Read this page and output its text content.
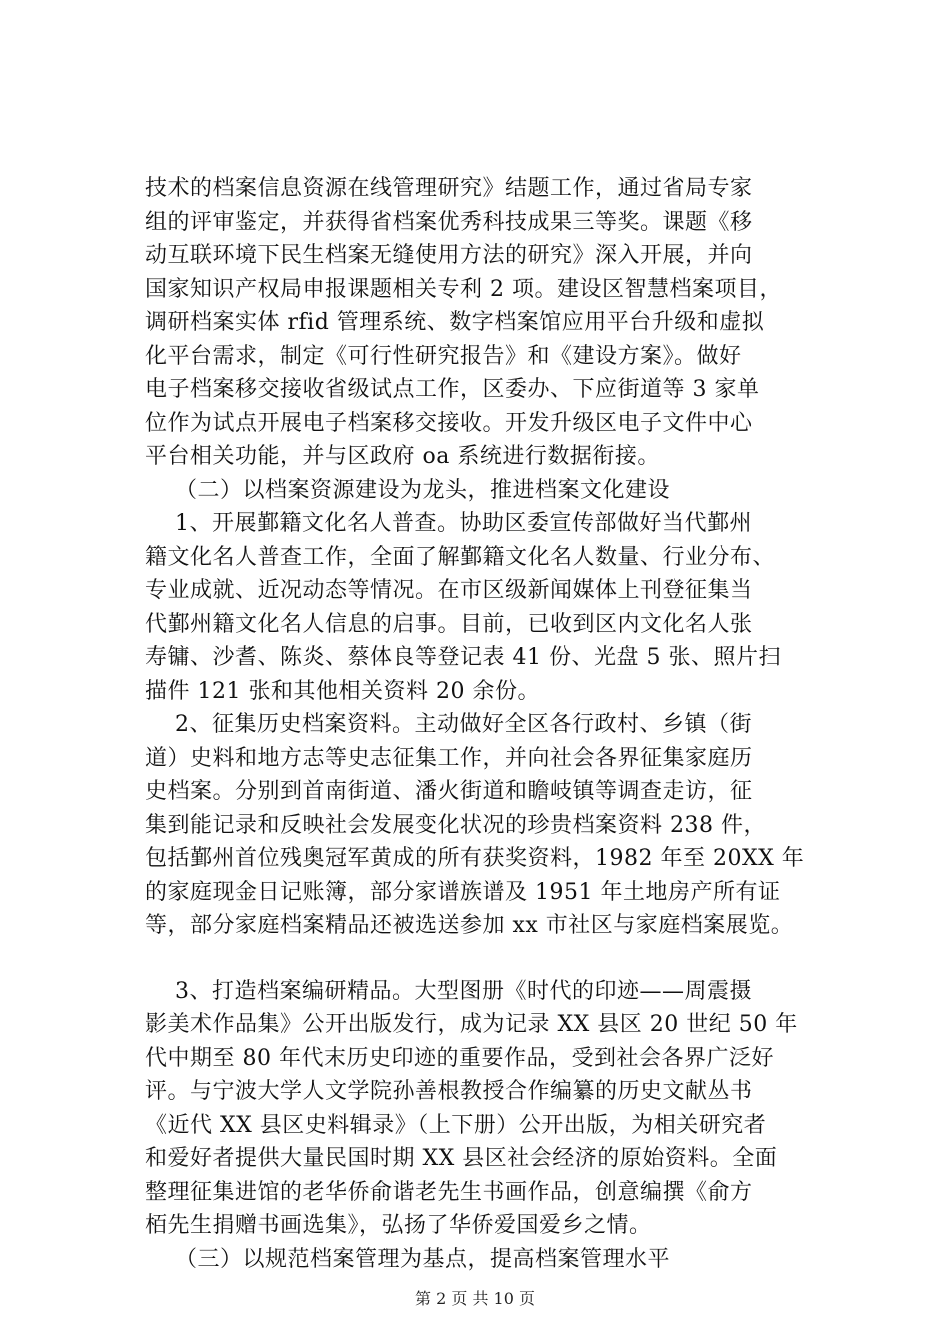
技术的档案信息资源在线管理研究》结题工作，通过省局专家
组的评审鉴定，并获得省档案优秀科技成果三等奖。课题《移
动互联环境下民生档案无缝使用方法的研究》深入开展，并向
国家知识产权局申报课题相关专利 2 项。建设区智慧档案项目，
调研档案实体 rfid 管理系统、数字档案馆应用平台升级和虚拟
化平台需求，制定《可行性研究报告》和《建设方案》。做好
电子档案移交接收省级试点工作，区委办、下应街道等 3 家单
位作为试点开展电子档案移交接收。开发升级区电子文件中心
平台相关功能，并与区政府 oa 系统进行数据衔接。
（二）以档案资源建设为龙头，推进档案文化建设
1、开展鄞籍文化名人普查。协助区委宣传部做好当代鄞州
籍文化名人普查工作，全面了解鄞籍文化名人数量、行业分布、
专业成就、近况动态等情况。在市区级新闻媒体上刊登征集当
代鄞州籍文化名人信息的启事。目前，已收到区内文化名人张
寿镛、沙耆、陈炎、蔡体良等登记表 41 份、光盘 5 张、照片扫
描件 121 张和其他相关资料 20 余份。
2、征集历史档案资料。主动做好全区各行政村、乡镇（街
道）史料和地方志等史志征集工作，并向社会各界征集家庭历
史档案。分别到首南街道、潘火街道和瞻岐镇等调查走访，征
集到能记录和反映社会发展变化状况的珍贵档案资料 238 件，
包括鄞州首位残奥冠军黄成的所有获奖资料，1982 年至 20XX 年
的家庭现金日记账簿，部分家谱族谱及 1951 年土地房产所有证
等，部分家庭档案精品还被选送参加 xx 市社区与家庭档案展览。
3、打造档案编研精品。大型图册《时代的印迹——周震摄
影美术作品集》公开出版发行，成为记录 XX 县区 20 世纪 50 年
代中期至 80 年代末历史印迹的重要作品，受到社会各界广泛好
评。与宁波大学人文学院孙善根教授合作编纂的历史文献丛书
《近代 XX 县区史料辑录》（上下册）公开出版，为相关研究者
和爱好者提供大量民国时期 XX 县区社会经济的原始资料。全面
整理征集进馆的老华侨俞谐老先生书画作品，创意编撰《俞方
栢先生捐赠书画选集》，弘扬了华侨爱国爱乡之情。
（三）以规范档案管理为基点，提高档案管理水平
第 2 页 共 10 页
